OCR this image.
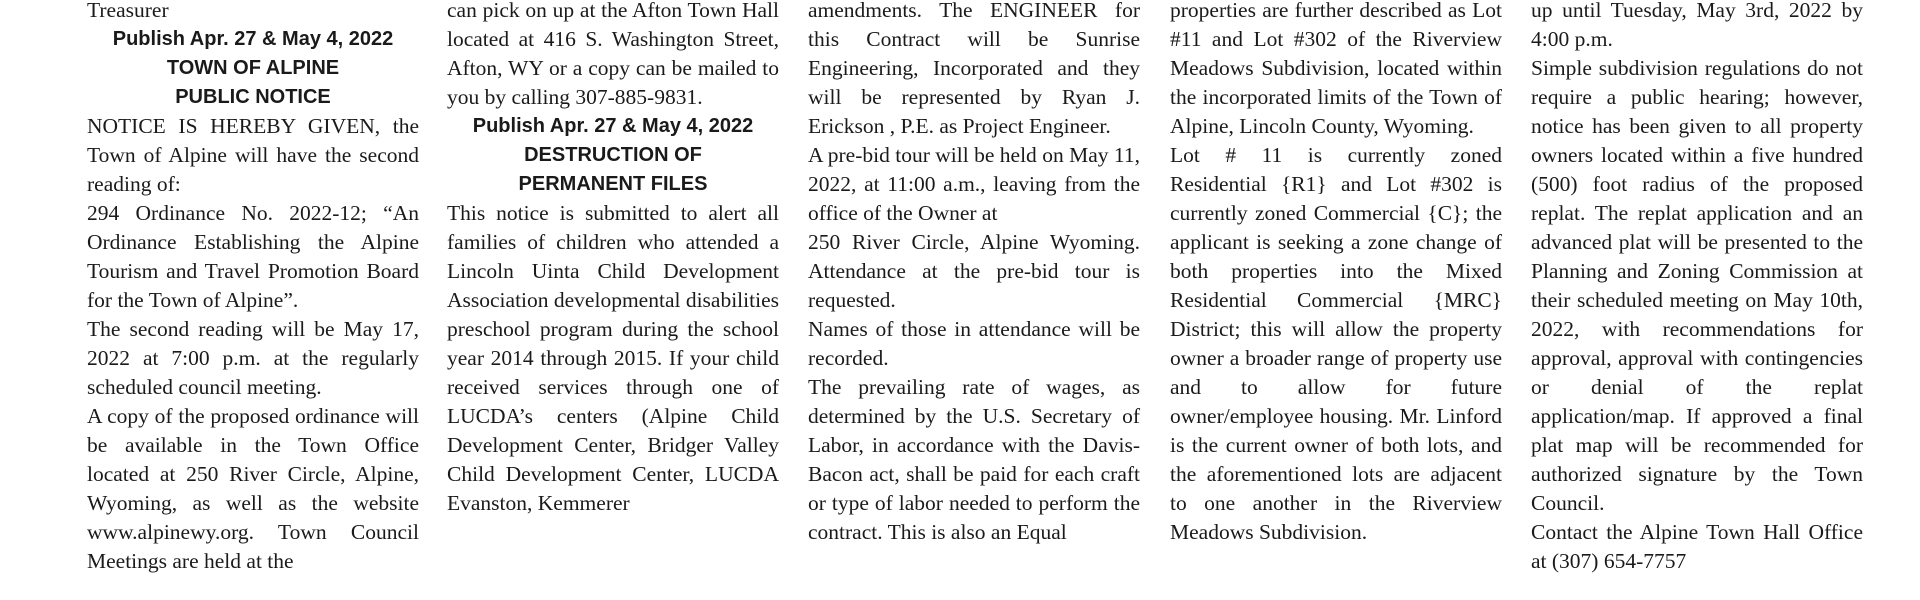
Treasurer

Publish Apr. 27 & May 4, 2022

TOWN OF ALPINE
PUBLIC NOTICE

NOTICE IS HEREBY GIVEN, the Town of Alpine will have the second reading of:

294 Ordinance No. 2022-12; “An Ordinance Establishing the Alpine Tourism and Travel Promotion Board for the Town of Alpine”.

The second reading will be May 17, 2022 at 7:00 p.m. at the regularly scheduled council meeting.

A copy of the proposed ordinance will be available in the Town Office located at 250 River Circle, Alpine, Wyoming, as well as the website www.alpinewy.org. Town Council Meetings are held at the

can pick on up at the Afton Town Hall located at 416 S. Washington Street, Afton, WY or a copy can be mailed to you by calling 307-885-9831.

Publish Apr. 27 & May 4, 2022

DESTRUCTION OF
PERMANENT FILES

This notice is submitted to alert all families of children who attended a Lincoln Uinta Child Development Association developmental disabilities preschool program during the school year 2014 through 2015. If your child received services through one of LUCDA’s centers (Alpine Child Development Center, Bridger Valley Child Development Center, LUCDA Evanston, Kemmerer

amendments. The ENGINEER for this Contract will be Sunrise Engineering, Incorporated and they will be represented by Ryan J. Erickson , P.E. as Project Engineer.

A pre-bid tour will be held on May 11, 2022, at 11:00 a.m., leaving from the office of the Owner at

250 River Circle, Alpine Wyoming. Attendance at the pre-bid tour is requested.

Names of those in attendance will be recorded.

The prevailing rate of wages, as determined by the U.S. Secretary of Labor, in accordance with the Davis-Bacon act, shall be paid for each craft or type of labor needed to perform the contract. This is also an Equal

properties are further described as Lot #11 and Lot #302 of the Riverview Meadows Subdivision, located within the incorporated limits of the Town of Alpine, Lincoln County, Wyoming.

Lot # 11 is currently zoned Residential {R1} and Lot #302 is currently zoned Commercial {C}; the applicant is seeking a zone change of both properties into the Mixed Residential Commercial {MRC} District; this will allow the property owner a broader range of property use and to allow for future owner/employee housing. Mr. Linford is the current owner of both lots, and the aforementioned lots are adjacent to one another in the Riverview Meadows Subdivision.

up until Tuesday, May 3rd, 2022 by 4:00 p.m.

Simple subdivision regulations do not require a public hearing; however, notice has been given to all property owners located within a five hundred (500) foot radius of the proposed replat. The replat application and an advanced plat will be presented to the Planning and Zoning Commission at their scheduled meeting on May 10th, 2022, with recommendations for approval, approval with contingencies or denial of the replat application/map. If approved a final plat map will be recommended for authorized signature by the Town Council.

Contact the Alpine Town Hall Office at (307) 654-7757
